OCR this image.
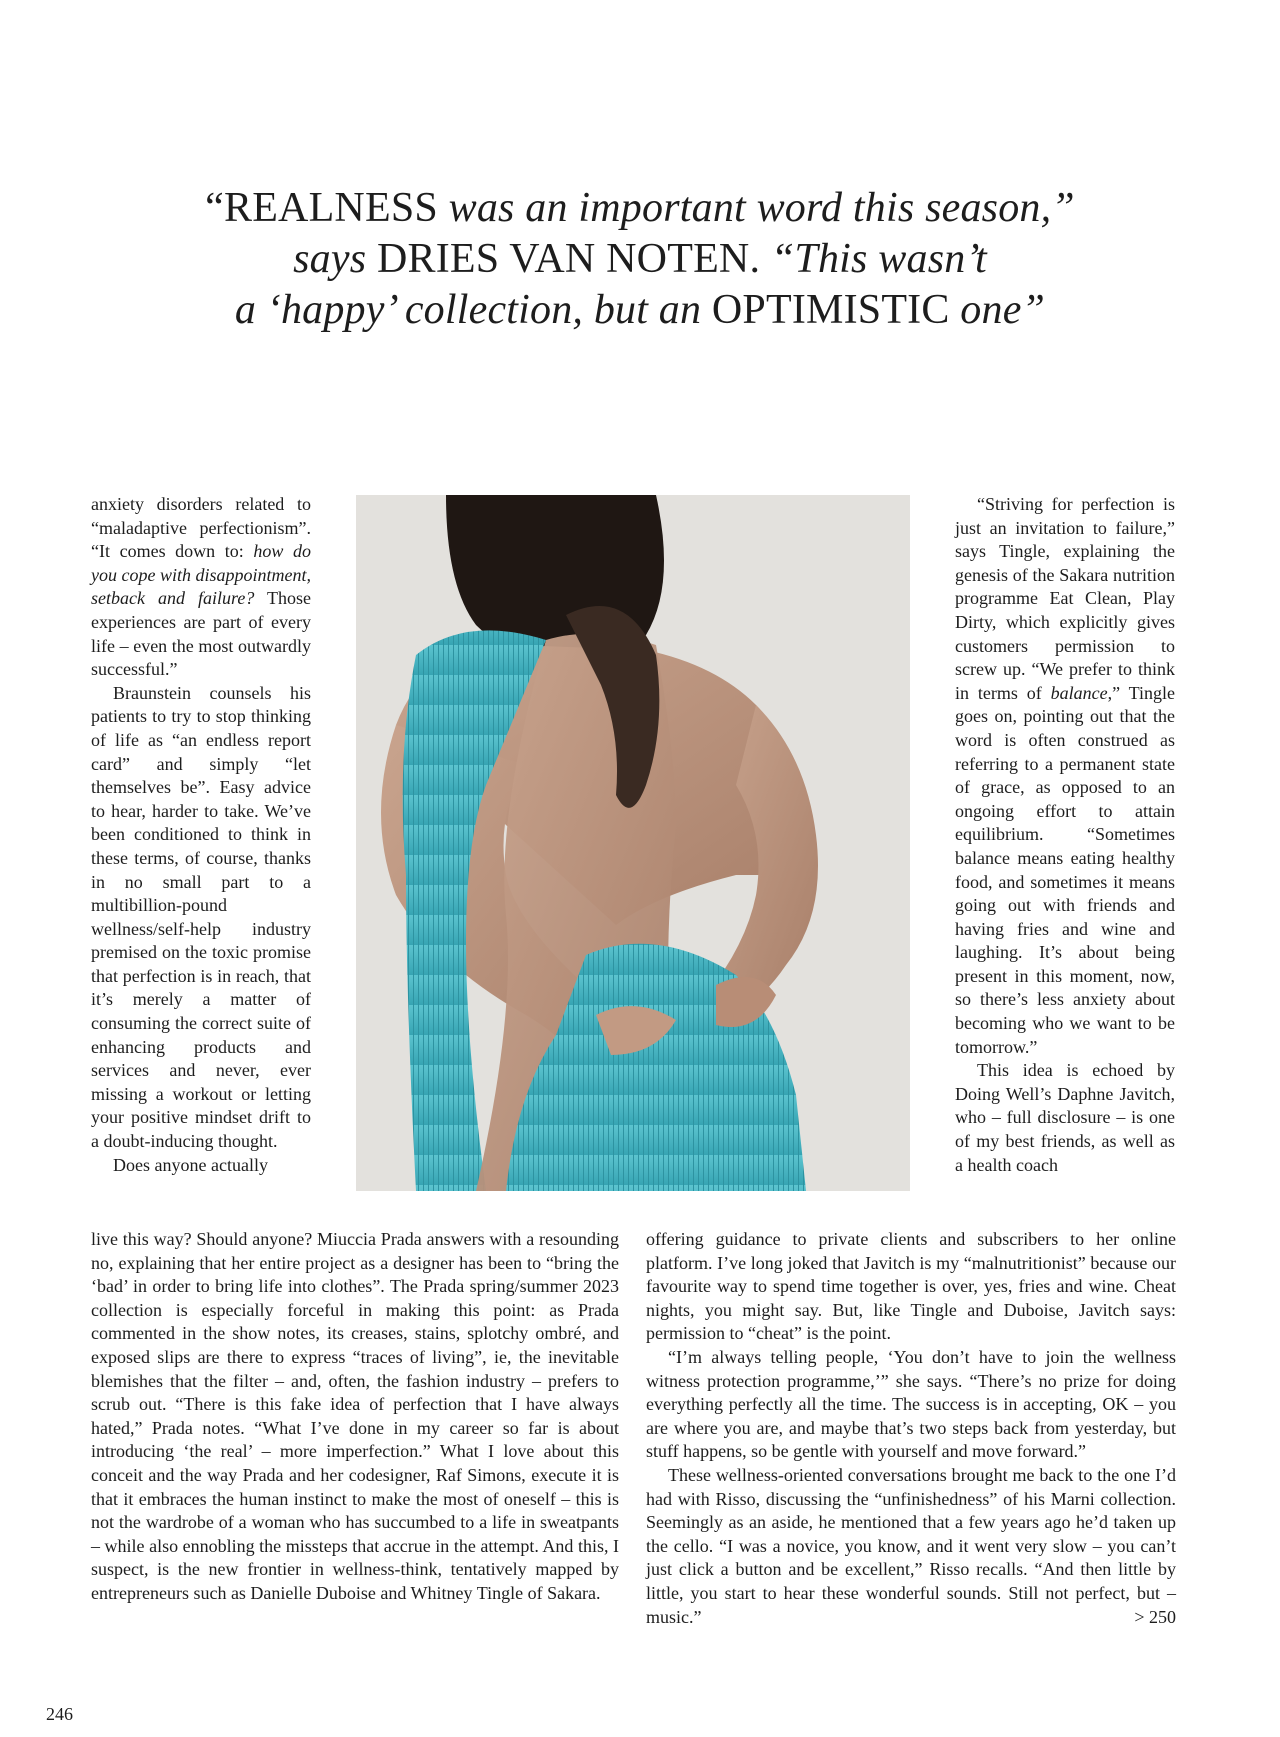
“REALNESS was an important word this season,”
says DRIES VAN NOTEN. “This wasn’t
a ‘happy’ collection, but an OPTIMISTIC one”

anxiety disorders related to “maladaptive perfectionism”. “It comes down to: how do you cope with disappointment, setback and failure? Those experiences are part of every life – even the most outwardly successful.”

Braunstein counsels his patients to try to stop thinking of life as “an endless report card” and simply “let themselves be”. Easy advice to hear, harder to take. We’ve been conditioned to think in these terms, of course, thanks in no small part to a multibillion-pound wellness/self-help industry premised on the toxic promise that perfection is in reach, that it’s merely a matter of consuming the correct suite of enhancing products and services and never, ever missing a workout or letting your positive mindset drift to a doubt-inducing thought.

Does anyone actually

“Striving for perfection is just an invitation to failure,” says Tingle, explaining the genesis of the Sakara nutrition programme Eat Clean, Play Dirty, which explicitly gives customers permission to screw up. “We prefer to think in terms of balance,” Tingle goes on, pointing out that the word is often construed as referring to a permanent state of grace, as opposed to an ongoing effort to attain equilibrium. “Sometimes balance means eating healthy food, and sometimes it means going out with friends and having fries and wine and laughing. It’s about being present in this moment, now, so there’s less anxiety about becoming who we want to be tomorrow.”

This idea is echoed by Doing Well’s Daphne Javitch, who – full disclosure – is one of my best friends, as well as a health coach

live this way? Should anyone? Miuccia Prada answers with a resounding no, explaining that her entire project as a designer has been to “bring the ‘bad’ in order to bring life into clothes”. The Prada spring/summer 2023 collection is especially forceful in making this point: as Prada commented in the show notes, its creases, stains, splotchy ombré, and exposed slips are there to express “traces of living”, ie, the inevitable blemishes that the filter – and, often, the fashion industry – prefers to scrub out. “There is this fake idea of perfection that I have always hated,” Prada notes. “What I’ve done in my career so far is about introducing ‘the real’ – more imperfection.” What I love about this conceit and the way Prada and her codesigner, Raf Simons, execute it is that it embraces the human instinct to make the most of oneself – this is not the wardrobe of a woman who has succumbed to a life in sweatpants – while also ennobling the missteps that accrue in the attempt. And this, I suspect, is the new frontier in wellness-think, tentatively mapped by entrepreneurs such as Danielle Duboise and Whitney Tingle of Sakara.

offering guidance to private clients and subscribers to her online platform. I’ve long joked that Javitch is my “malnutritionist” because our favourite way to spend time together is over, yes, fries and wine. Cheat nights, you might say. But, like Tingle and Duboise, Javitch says: permission to “cheat” is the point.

“I’m always telling people, ‘You don’t have to join the wellness witness protection programme,’” she says. “There’s no prize for doing everything perfectly all the time. The success is in accepting, OK – you are where you are, and maybe that’s two steps back from yesterday, but stuff happens, so be gentle with yourself and move forward.”

These wellness-oriented conversations brought me back to the one I’d had with Risso, discussing the “unfinishedness” of his Marni collection. Seemingly as an aside, he mentioned that a few years ago he’d taken up the cello. “I was a novice, you know, and it went very slow – you can’t just click a button and be excellent,” Risso recalls. “And then little by little, you start to hear these wonderful sounds. Still not perfect, but – music.”	> 250

246
